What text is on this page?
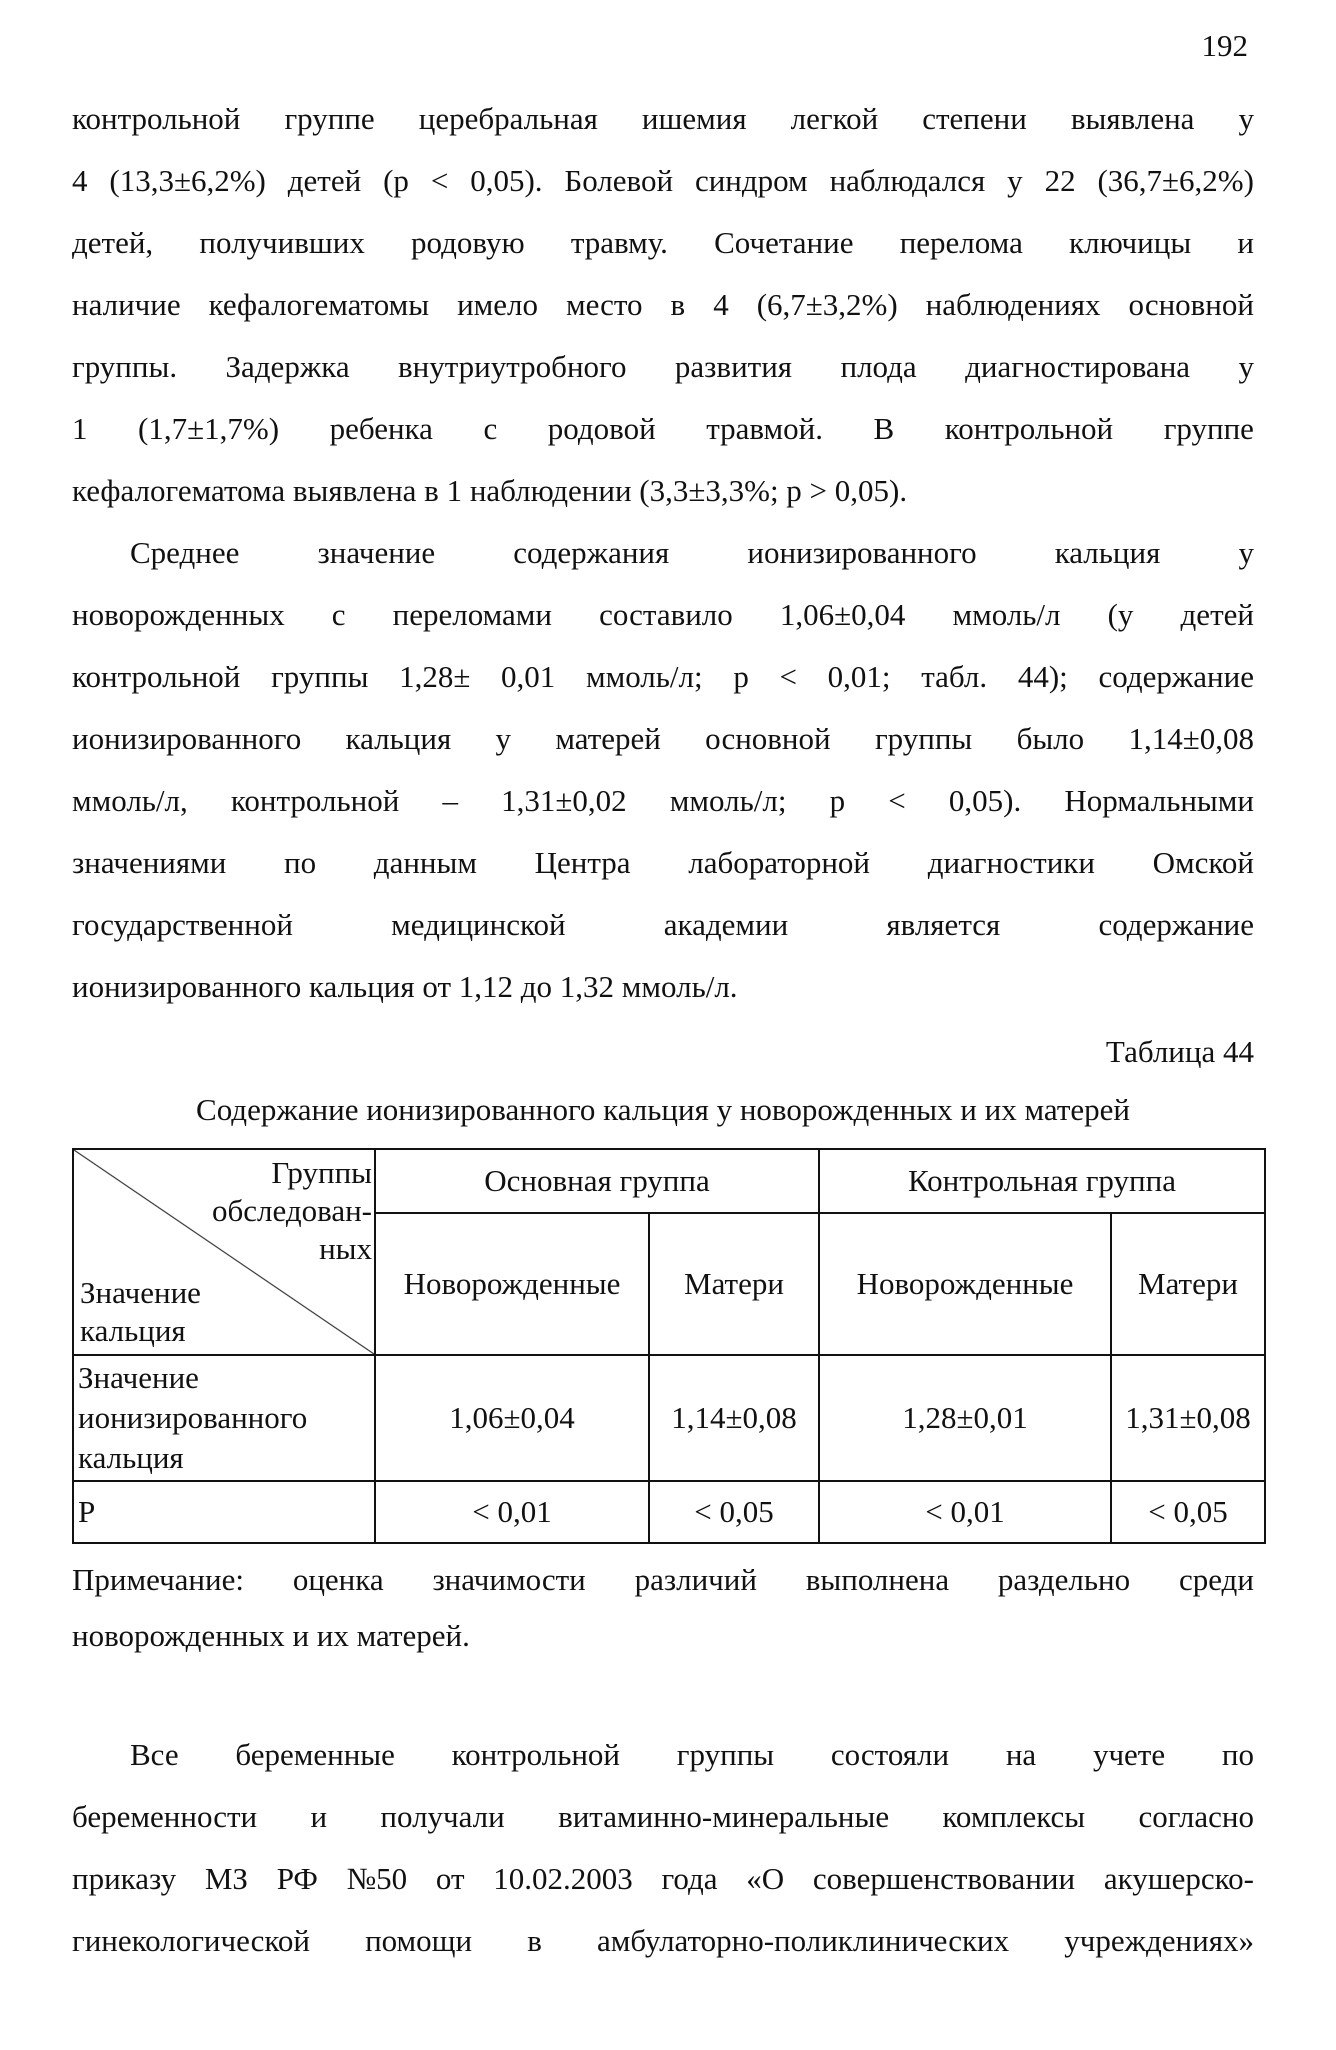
192
контрольной группе церебральная ишемия легкой степени выявлена у
4 (13,3±6,2%) детей (р < 0,05). Болевой синдром наблюдался у 22 (36,7±6,2%)
детей, получивших родовую травму. Сочетание перелома ключицы и
наличие кефалогематомы имело место в 4 (6,7±3,2%) наблюдениях основной
группы. Задержка внутриутробного развития плода диагностирована у
1 (1,7±1,7%) ребенка с родовой травмой. В контрольной группе
кефалогематома выявлена в 1 наблюдении (3,3±3,3%; р > 0,05).
Среднее	значение	содержания	ионизированного	кальция	у
новорожденных с переломами составило 1,06±0,04 ммоль/л (у детей
контрольной группы 1,28± 0,01 ммоль/л; р < 0,01; табл. 44); содержание
ионизированного кальция у матерей основной группы было 1,14±0,08
ммоль/л, контрольной – 1,31±0,02 ммоль/л; р < 0,05). Нормальными
значениями по данным Центра лабораторной диагностики Омской
государственной	медицинской	академии	является	содержание
ионизированного кальция от 1,12 до 1,32 ммоль/л.
Таблица 44
Содержание ионизированного кальция у новорожденных и их матерей
Группы
обследован-
ных
Значение
кальция	Основная группа		Контрольная группа	
	Новорожденные	Матери	Новорожденные	Матери

Значение
ионизированного
кальция	1,06±0,04	1,14±0,08	1,28±0,01	1,31±0,08
Р	< 0,01	< 0,05	< 0,01	< 0,05
Примечание: оценка значимости различий выполнена раздельно среди
новорожденных и их матерей.
Все беременные контрольной группы состояли на учете по
беременности и получали витаминно-минеральные комплексы согласно
приказу МЗ РФ №50 от 10.02.2003 года «О совершенствовании акушерско-
гинекологической помощи в амбулаторно-поликлинических учреждениях»
